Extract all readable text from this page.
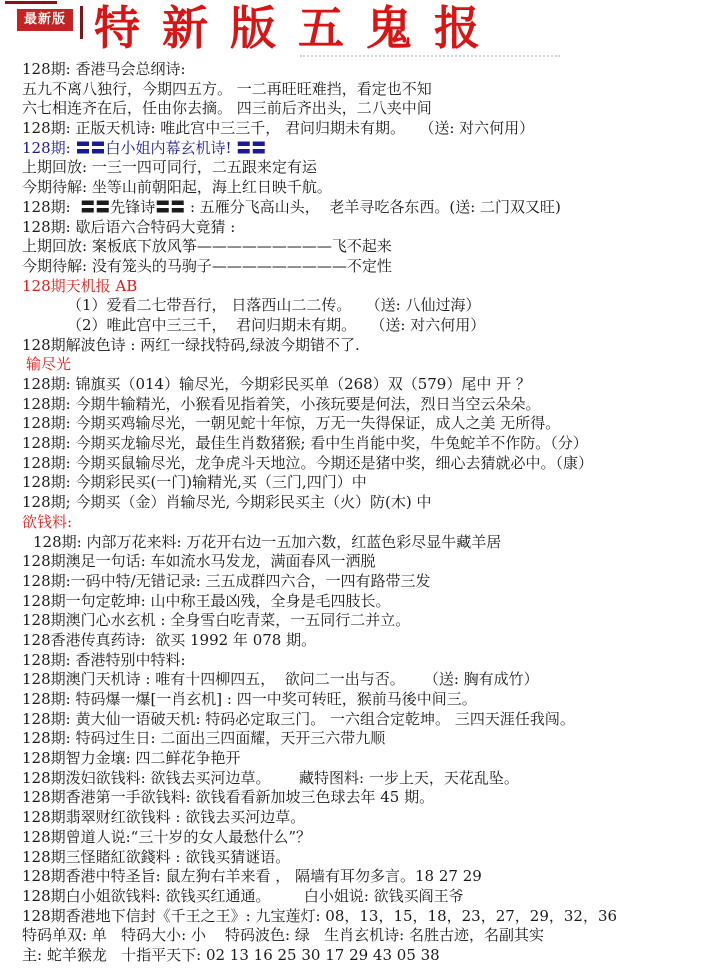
最新版 特新版五鬼报
128期: 香港马会总纲诗:
五九不离八独行，今期四五方。 一二再旺旺难挡，看定也不知
六七相连齐在后，任由你去摘。 四三前后齐出头，二八夹中间
128期: 正版天机诗: 唯此宫中三三千， 君问归期未有期。   （送: 对六何用）
128期: 〓〓白小姐内幕玄机诗! 〓〓
上期回放: 一三一四可同行，二五跟来定有运
今期待解: 坐等山前朝阳起，海上红日映千航。
128期:  〓〓先锋诗〓〓 : 五雁分飞高山头，  老羊寻吃各东西。(送: 二门双又旺)
128期: 歇后语六合特码大竟猜 :
上期回放: 案板底下放风筝—————————飞不起来
今期待解: 没有笼头的马驹子—————————不定性
128期天机报 AB
（1）爱看二七带吾行， 日落西山二二传。   （送: 八仙过海）
（2）唯此宫中三三千，  君问归期未有期。   （送: 对六何用）
128期解波色诗 : 两红一绿找特码,绿波今期错不了.
输尽光
128期: 锦旗买（014）输尽光，今期彩民买单（268）双（579）尾中 开 ？
128期: 今期牛输精光，小猴看见指着笑，小孩玩要是何法，烈日当空云朵朵。
128期: 今期买鸡输尽光，一朝见蛇十年惊，万无一失得保证，成人之美 无所得。
128期: 今期买龙输尽光，最佳生肖数猪猴; 看中生肖能中奖，牛兔蛇羊不作防。（分）
128期: 今期买鼠输尽光，龙争虎斗天地泣。今期还是猪中奖，细心去猜就必中。（康）
128期: 今期彩民买(一门)输精光,买（三门,四门）中
128期; 今期买（金）肖输尽光, 今期彩民买主（火）防(木) 中
欲钱料:
128期: 内部万花来料: 万花开右边一五加六数，红蓝色彩尽显牛藏羊居
128期澳足一句话: 车如流水马发龙，满面春风一洒脱
128期:一码中特/无错记录: 三五成群四六合，一四有路带三发
128期一句定乾坤: 山中称王最凶残，全身是毛四肢长。
128期澳门心水玄机 : 全身雪白吃青菜，一五同行二并立。
128香港传真药诗:  欲买 1992 年 078 期。
128期: 香港特别中特料:
128期澳门天机诗 : 唯有十四柳四五，  欲问二一出与否。    （送: 胸有成竹）
128期: 特码爆一爆[一肖玄机] : 四一中奖可转旺，猴前马後中间三。
128期: 黄大仙一语破天机: 特码必定取三门。 一六组合定乾坤。 三四天涯任我闯。
128期: 特码过生日: 二面出三四面耀，天开三六带九顺
128期智力金壤: 四二鲜花争艳开
128期泼妇欲钱料: 欲钱去买河边草。      藏特图料: 一步上天，天花乱坠。
128期香港第一手欲钱料: 欲钱看看新加坡三色球去年 45 期。
128期翡翠财红欲钱料 : 欲钱去买河边草。
128期曾道人说:“三十岁的女人最愁什么”？
128期三怪賭紅欲錢料 : 欲钱买猜谜语。
128期香港中特圣旨: 鼠左狗右羊来看 ， 隔墙有耳勿多言。18 27 29
128期白小姐欲钱料: 欲钱买红通通。       白小姐说: 欲钱买阎王爷
128期香港地下信封《千王之王》: 九宝莲灯: 08，13，15，18，23，27，29，32，36
特码单双: 单   特码大小: 小    特码波色: 绿   生肖玄机诗: 名胜古迹，名副其实
主: 蛇羊猴龙   十指平天下: 02 13 16 25 30 17 29 43 05 38
